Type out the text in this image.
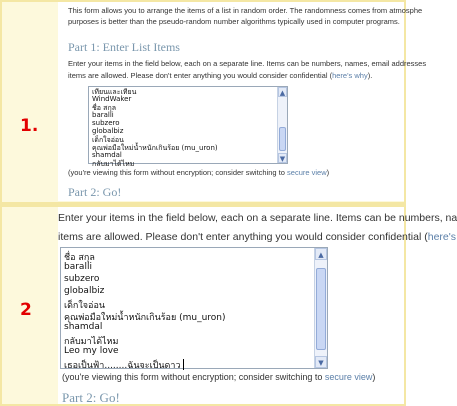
1.
2

This form allows you to arrange the items of a list in random order. The randomness comes from atmosphe

purposes is better than the pseudo-random number algorithms typically used in computer programs.

Part 1: Enter List Items

Enter your items in the field below, each on a separate line. Items can be numbers, names, email addresses

items are allowed. Please don't enter anything you would consider confidential (here's why).

เทียนและเทียน
WindWaker
ชื่อ สกุล
baralli
subzero
globalbiz
เด็กใจอ่อน
คุณพ่อมือใหม่น้ำหนักเกินร้อย (mu_uron)
shamdal
กลับมาได้ไหม
▲
▼

(you're viewing this form without encryption; consider switching to secure view)

Part 2: Go!

Enter your items in the field below, each on a separate line. Items can be numbers, na

items are allowed. Please don't enter anything you would consider confidential (here's

ชื่อ สกุล
baralli
subzero
globalbiz
เด็กใจอ่อน
คุณพ่อมือใหม่น้ำหนักเกินร้อย (mu_uron)
shamdal
กลับมาได้ไหม
Leo my love
เธอเป็นฟ้า........ฉันจะเป็นดาว
▲
▼

(you're viewing this form without encryption; consider switching to secure view)

Part 2: Go!
